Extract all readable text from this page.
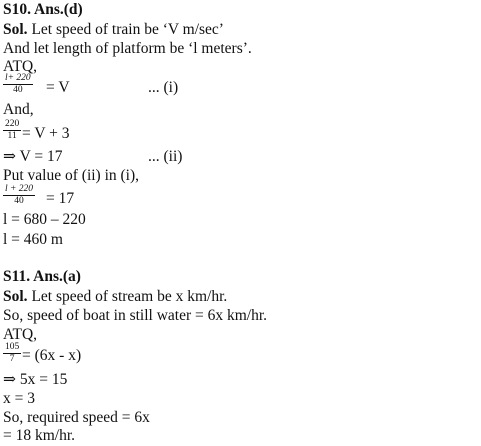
S10. Ans.(d)
Sol. Let speed of train be ‘V m/sec’
And let length of platform be ‘l meters’.
ATQ,
$\frac{l+ 220}{40} = V$	... (i)
And,
$\frac{220}{11} = V + 3$
⇒ V = 17	... (ii)
Put value of (ii) in (i),
$\frac{l + 220}{40} = 17$
l = 680 – 220
l = 460 m
S11. Ans.(a)
Sol. Let speed of stream be x km/hr.
So, speed of boat in still water = 6x km/hr.
ATQ,
$\frac{105}{7} = (6x - x)$
⇒ 5x = 15
x = 3
So, required speed = 6x
= 18 km/hr.
